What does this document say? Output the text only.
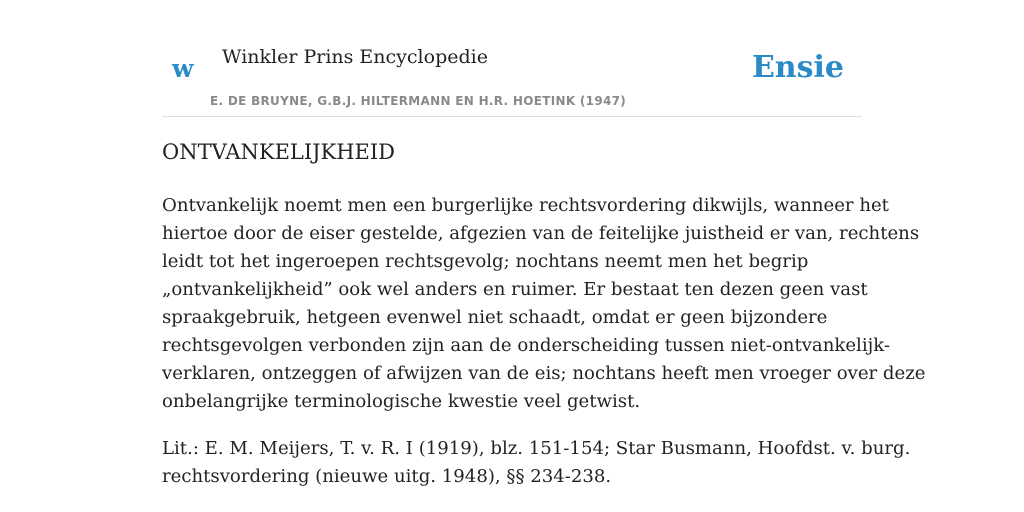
w Winkler Prins Encyclopedie
E. DE BRUYNE, G.B.J. HILTERMANN EN H.R. HOETINK (1947)
Ensie
ONTVANKELIJKHEID

Ontvankelijk noemt men een burgerlijke rechtsvordering dikwijls, wanneer het
hiertoe door de eiser gestelde, afgezien van de feitelijke juistheid er van, rechtens
leidt tot het ingeroepen rechtsgevolg; nochtans neemt men het begrip
„ontvankelijkheid” ook wel anders en ruimer. Er bestaat ten dezen geen vast
spraakgebruik, hetgeen evenwel niet schaadt, omdat er geen bijzondere
rechtsgevolgen verbonden zijn aan de onderscheiding tussen niet-ontvankelijk-
verklaren, ontzeggen of afwijzen van de eis; nochtans heeft men vroeger over deze
onbelangrijke terminologische kwestie veel getwist.

Lit.: E. M. Meijers, T. v. R. I (1919), blz. 151-154; Star Busmann, Hoofdst. v. burg.
rechtsvordering (nieuwe uitg. 1948), §§ 234-238.
